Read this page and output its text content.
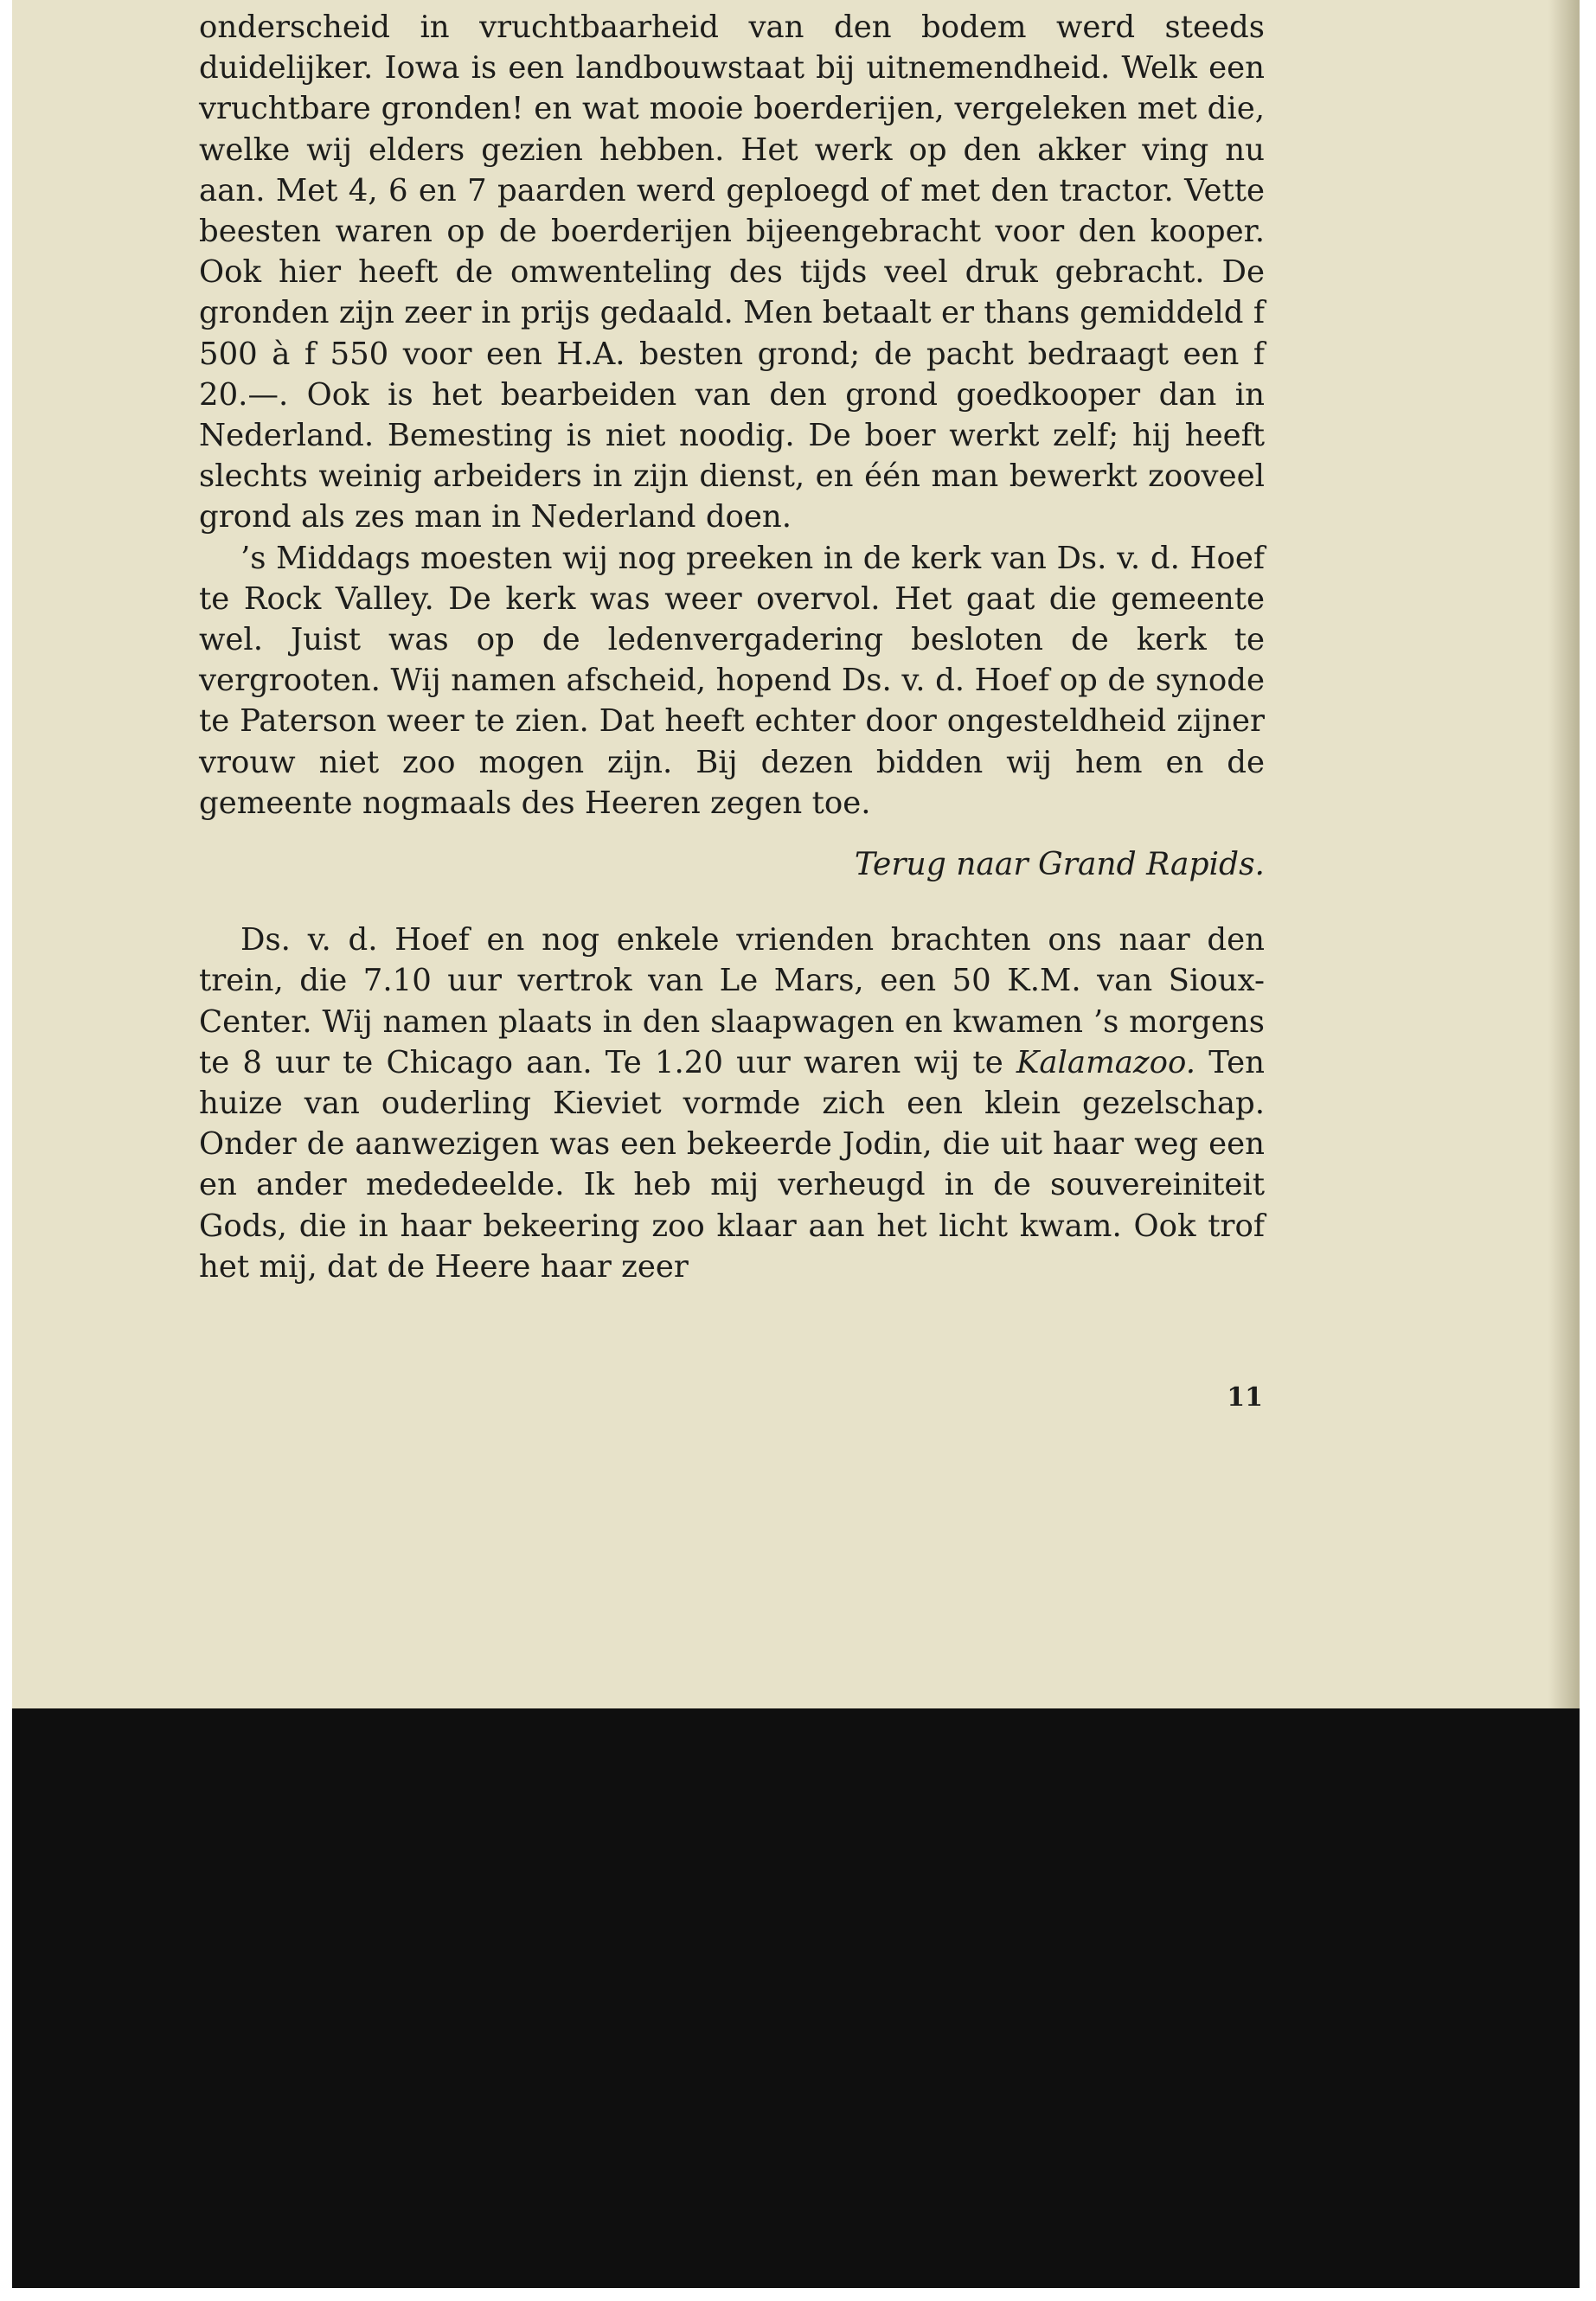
onderscheid in vruchtbaarheid van den bodem werd steeds duidelijker. Iowa is een landbouwstaat bij uitnemendheid. Welk een vruchtbare gronden! en wat mooie boerderijen, vergeleken met die, welke wij elders gezien hebben. Het werk op den akker ving nu aan. Met 4, 6 en 7 paarden werd geploegd of met den tractor. Vette beesten waren op de boerderijen bijeengebracht voor den kooper. Ook hier heeft de omwenteling des tijds veel druk gebracht. De gronden zijn zeer in prijs gedaald. Men betaalt er thans gemiddeld f 500 à f 550 voor een H.A. besten grond; de pacht bedraagt een f 20.—. Ook is het bearbeiden van den grond goedkooper dan in Nederland. Bemesting is niet noodig. De boer werkt zelf; hij heeft slechts weinig arbeiders in zijn dienst, en één man bewerkt zooveel grond als zes man in Nederland doen.

’s Middags moesten wij nog preeken in de kerk van Ds. v. d. Hoef te Rock Valley. De kerk was weer overvol. Het gaat die gemeente wel. Juist was op de ledenvergadering besloten de kerk te vergrooten. Wij namen afscheid, hopend Ds. v. d. Hoef op de synode te Paterson weer te zien. Dat heeft echter door ongesteldheid zijner vrouw niet zoo mogen zijn. Bij dezen bidden wij hem en de gemeente nogmaals des Heeren zegen toe.

Terug naar Grand Rapids.

Ds. v. d. Hoef en nog enkele vrienden brachten ons naar den trein, die 7.10 uur vertrok van Le Mars, een 50 K.M. van Sioux-Center. Wij namen plaats in den slaapwagen en kwamen ’s morgens te 8 uur te Chicago aan. Te 1.20 uur waren wij te Kalamazoo. Ten huize van ouderling Kieviet vormde zich een klein gezelschap. Onder de aanwezigen was een bekeerde Jodin, die uit haar weg een en ander mededeelde. Ik heb mij verheugd in de souvereiniteit Gods, die in haar bekeering zoo klaar aan het licht kwam. Ook trof het mij, dat de Heere haar zeer

11
